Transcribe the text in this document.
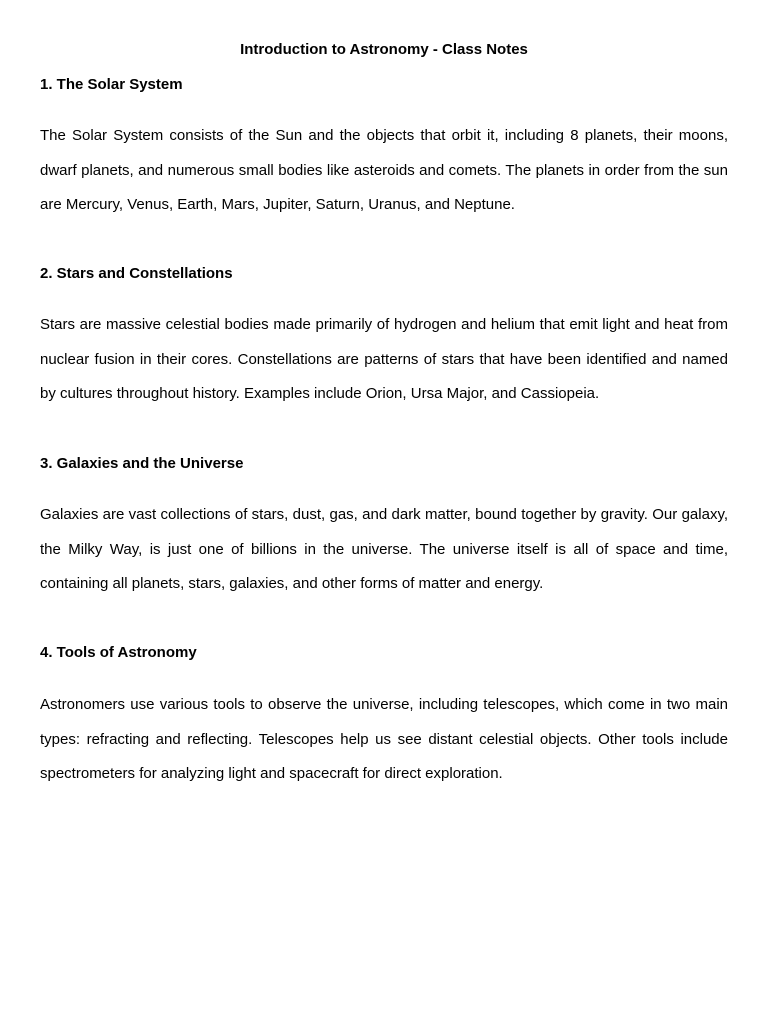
Introduction to Astronomy - Class Notes
1. The Solar System
The Solar System consists of the Sun and the objects that orbit it, including 8 planets, their moons, dwarf planets, and numerous small bodies like asteroids and comets. The planets in order from the sun are Mercury, Venus, Earth, Mars, Jupiter, Saturn, Uranus, and Neptune.
2. Stars and Constellations
Stars are massive celestial bodies made primarily of hydrogen and helium that emit light and heat from nuclear fusion in their cores. Constellations are patterns of stars that have been identified and named by cultures throughout history. Examples include Orion, Ursa Major, and Cassiopeia.
3. Galaxies and the Universe
Galaxies are vast collections of stars, dust, gas, and dark matter, bound together by gravity. Our galaxy, the Milky Way, is just one of billions in the universe. The universe itself is all of space and time, containing all planets, stars, galaxies, and other forms of matter and energy.
4. Tools of Astronomy
Astronomers use various tools to observe the universe, including telescopes, which come in two main types: refracting and reflecting. Telescopes help us see distant celestial objects. Other tools include spectrometers for analyzing light and spacecraft for direct exploration.
